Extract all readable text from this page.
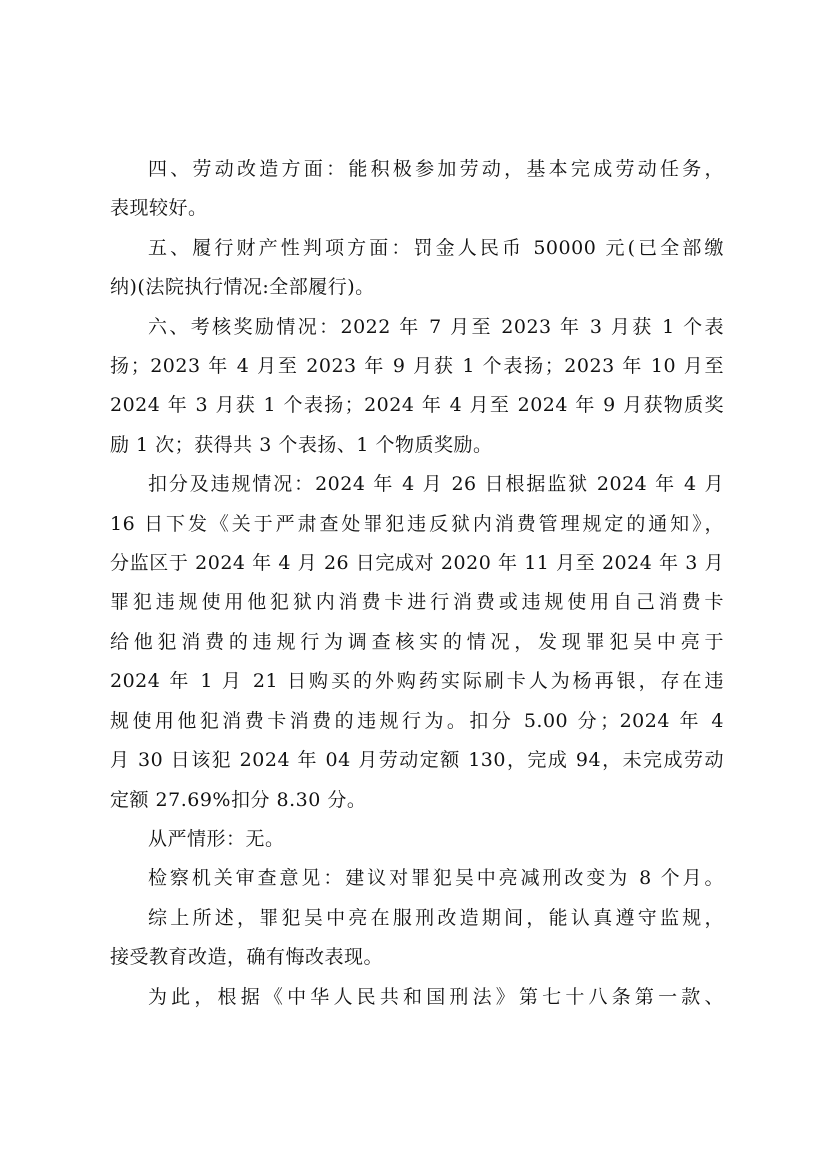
四、劳动改造方面：能积极参加劳动，基本完成劳动任务，
表现较好。

五、履行财产性判项方面：罚金人民币 50000 元(已全部缴
纳)(法院执行情况:全部履行)。

六、考核奖励情况：2022 年 7 月至 2023 年 3 月获 1 个表
扬；2023 年 4 月至 2023 年 9 月获 1 个表扬；2023 年 10 月至
2024 年 3 月获 1 个表扬；2024 年 4 月至 2024 年 9 月获物质奖
励 1 次；获得共 3 个表扬、1 个物质奖励。

扣分及违规情况：2024 年 4 月 26 日根据监狱 2024 年 4 月
16 日下发《关于严肃查处罪犯违反狱内消费管理规定的通知》，
分监区于 2024 年 4 月 26 日完成对 2020 年 11 月至 2024 年 3 月
罪犯违规使用他犯狱内消费卡进行消费或违规使用自己消费卡
给他犯消费的违规行为调查核实的情况，发现罪犯吴中亮于
2024 年 1 月 21 日购买的外购药实际刷卡人为杨再银，存在违
规使用他犯消费卡消费的违规行为。扣分 5.00 分；2024 年 4
月 30 日该犯 2024 年 04 月劳动定额 130，完成 94，未完成劳动
定额 27.69%扣分 8.30 分。

从严情形：无。

检察机关审查意见：建议对罪犯吴中亮减刑改变为 8 个月。

综上所述，罪犯吴中亮在服刑改造期间，能认真遵守监规，
接受教育改造，确有悔改表现。

为此，根据《中华人民共和国刑法》第七十八条第一款、
